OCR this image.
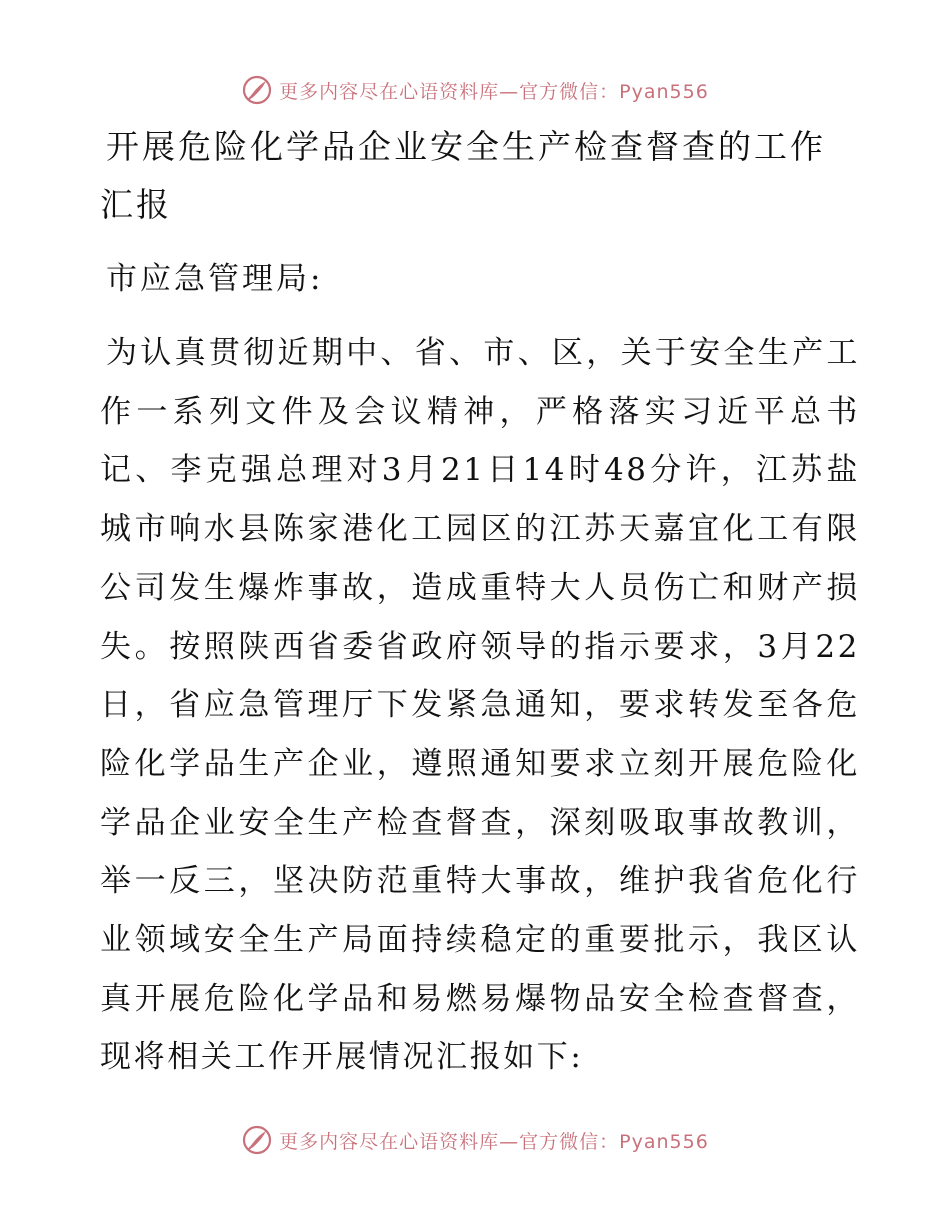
更多内容尽在心语资料库—官方微信：Pyan556
开展危险化学品企业安全生产检查督查的工作汇报

市应急管理局:

为认真贯彻近期中、省、市、区，关于安全生产工作一系列文件及会议精神，严格落实习近平总书记、李克强总理对3月21日14时48分许，江苏盐城市响水县陈家港化工园区的江苏天嘉宜化工有限公司发生爆炸事故，造成重特大人员伤亡和财产损失。按照陕西省委省政府领导的指示要求，3月22日，省应急管理厅下发紧急通知，要求转发至各危险化学品生产企业，遵照通知要求立刻开展危险化学品企业安全生产检查督查，深刻吸取事故教训，举一反三，坚决防范重特大事故，维护我省危化行业领域安全生产局面持续稳定的重要批示，我区认真开展危险化学品和易燃易爆物品安全检查督查，现将相关工作开展情况汇报如下:

更多内容尽在心语资料库—官方微信：Pyan556
